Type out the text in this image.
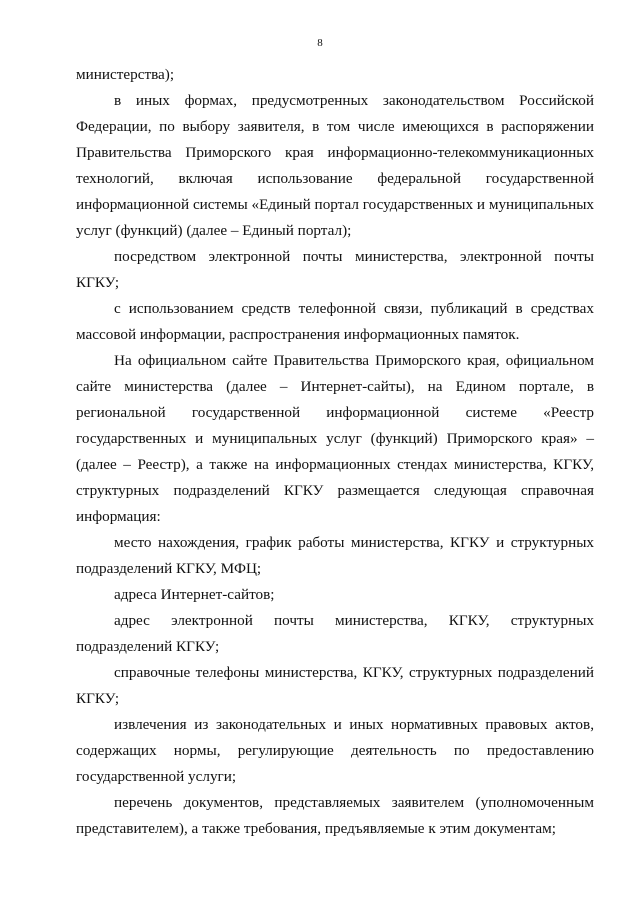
8

министерства);

в иных формах, предусмотренных законодательством Российской Федерации, по выбору заявителя, в том числе имеющихся в распоряжении Правительства Приморского края информационно-телекоммуникационных технологий, включая использование федеральной государственной информационной системы «Единый портал государственных и муниципальных услуг (функций) (далее – Единый портал);

посредством электронной почты министерства, электронной почты КГКУ;

с использованием средств телефонной связи, публикаций в средствах массовой информации, распространения информационных памяток.

На официальном сайте Правительства Приморского края, официальном сайте министерства (далее – Интернет-сайты), на Едином портале, в региональной государственной информационной системе «Реестр государственных и муниципальных услуг (функций) Приморского края» – (далее – Реестр), а также на информационных стендах министерства, КГКУ, структурных подразделений КГКУ размещается следующая справочная информация:

место нахождения, график работы министерства, КГКУ и структурных подразделений КГКУ, МФЦ;

адреса Интернет-сайтов;

адрес электронной почты министерства, КГКУ, структурных подразделений КГКУ;

справочные телефоны министерства, КГКУ, структурных подразделений КГКУ;

извлечения из законодательных и иных нормативных правовых актов, содержащих нормы, регулирующие деятельность по предоставлению государственной услуги;

перечень документов, представляемых заявителем (уполномоченным представителем), а также требования, предъявляемые к этим документам;
